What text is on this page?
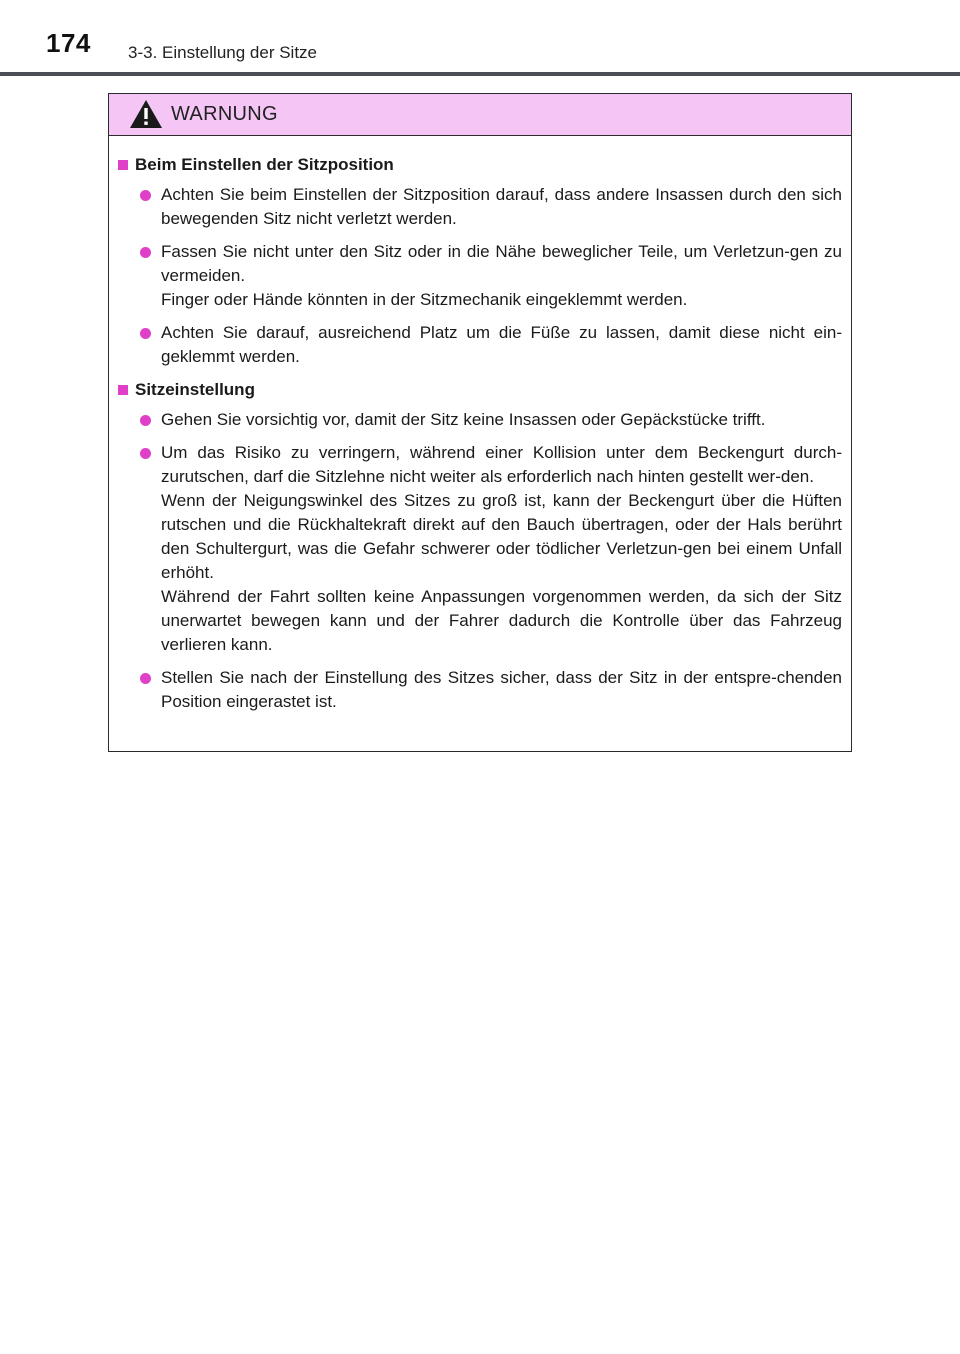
174 3-3. Einstellung der Sitze
WARNUNG
Beim Einstellen der Sitzposition

Achten Sie beim Einstellen der Sitzposition darauf, dass andere Insassen durch den sich bewegenden Sitz nicht verletzt werden.

Fassen Sie nicht unter den Sitz oder in die Nähe beweglicher Teile, um Verletzun-gen zu vermeiden.

Finger oder Hände könnten in der Sitzmechanik eingeklemmt werden.

Achten Sie darauf, ausreichend Platz um die Füße zu lassen, damit diese nicht ein-geklemmt werden.

Sitzeinstellung

Gehen Sie vorsichtig vor, damit der Sitz keine Insassen oder Gepäckstücke trifft.

Um das Risiko zu verringern, während einer Kollision unter dem Beckengurt durch-zurutschen, darf die Sitzlehne nicht weiter als erforderlich nach hinten gestellt wer-den.

Wenn der Neigungswinkel des Sitzes zu groß ist, kann der Beckengurt über die Hüften rutschen und die Rückhaltekraft direkt auf den Bauch übertragen, oder der Hals berührt den Schultergurt, was die Gefahr schwerer oder tödlicher Verletzun-gen bei einem Unfall erhöht.

Während der Fahrt sollten keine Anpassungen vorgenommen werden, da sich der Sitz unerwartet bewegen kann und der Fahrer dadurch die Kontrolle über das Fahrzeug verlieren kann.

Stellen Sie nach der Einstellung des Sitzes sicher, dass der Sitz in der entspre-chenden Position eingerastet ist.
